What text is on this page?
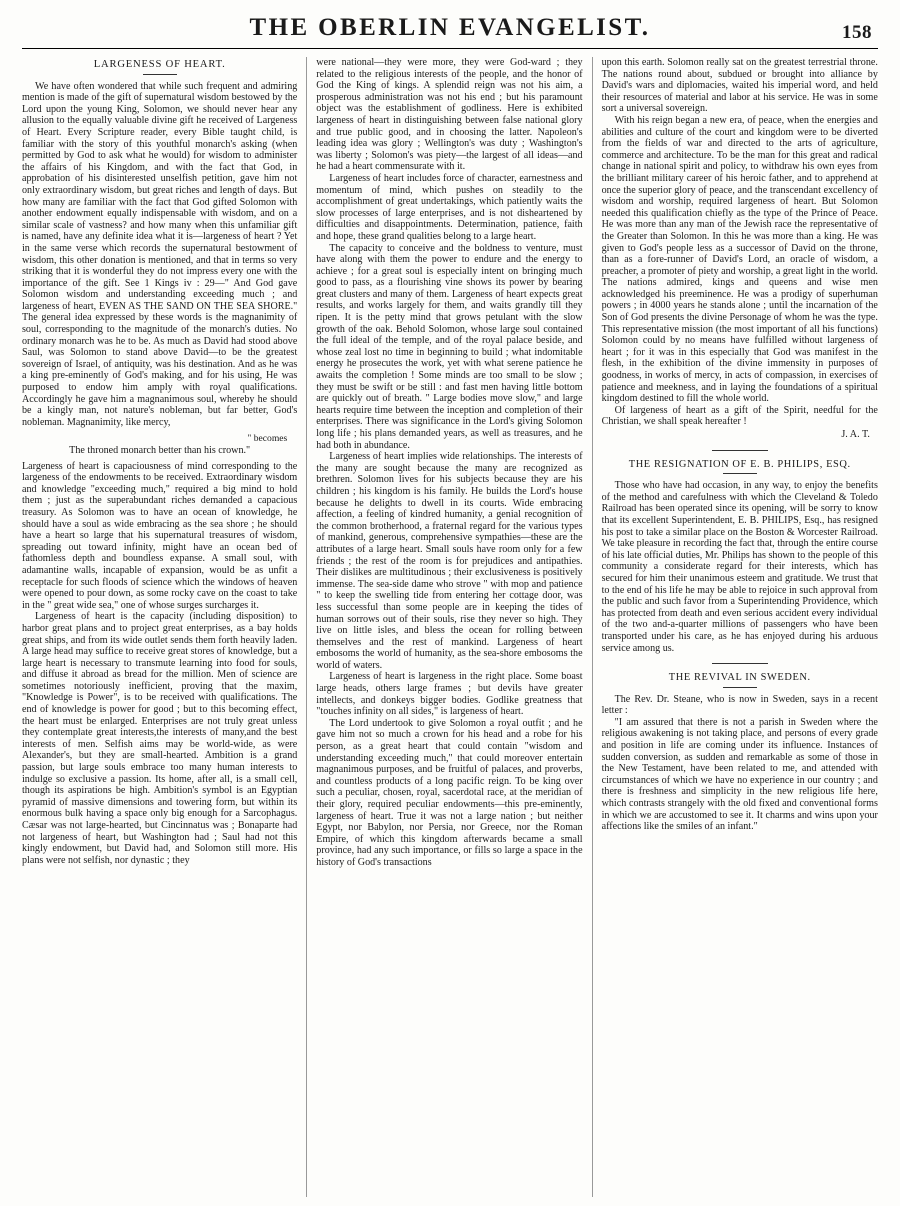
THE OBERLIN EVANGELIST.	158
LARGENESS OF HEART.

We have often wondered that while such frequent and admiring mention is made of the gift of supernatural wisdom bestowed by the Lord upon the young King, Solomon, we should never hear any allusion to the equally valuable divine gift he received of Largeness of Heart. Every Scripture reader, every Bible taught child, is familiar with the story of this youthful monarch's asking (when permitted by God to ask what he would) for wisdom to administer the affairs of his Kingdom, and with the fact that God, in approbation of his disinterested unselfish petition, gave him not only extraordinary wisdom, but great riches and length of days. But how many are familiar with the fact that God gifted Solomon with another endowment equally indispensable with wisdom, and on a similar scale of vastness? and how many when this unfamiliar gift is named, have any definite idea what it is—largeness of heart ? Yet in the same verse which records the supernatural bestowment of wisdom, this other donation is mentioned, and that in terms so very striking that it is wonderful they do not impress every one with the importance of the gift. See 1 Kings iv : 29—" And God gave Solomon wisdom and understanding exceeding much ; and largeness of heart, EVEN AS THE SAND ON THE SEA SHORE." The general idea expressed by these words is the magnanimity of soul, corresponding to the magnitude of the monarch's duties. No ordinary monarch was he to be. As much as David had stood above Saul, was Solomon to stand above David—to be the greatest sovereign of Israel, of antiquity, was his destination. And as he was a king pre-eminently of God's making, and for his using, He was purposed to endow him amply with royal qualifications. Accordingly he gave him a magnanimous soul, whereby he should be a kingly man, not nature's nobleman, but far better, God's nobleman. Magnanimity, like mercy,

" becomes
The throned monarch better than his crown."

Largeness of heart is capaciousness of mind corresponding to the largeness of the endowments to be received. Extraordinary wisdom and knowledge "exceeding much," required a big mind to hold them ; just as the superabundant riches demanded a capacious treasury. As Solomon was to have an ocean of knowledge, he should have a soul as wide embracing as the sea shore ; he should have a heart so large that his supernatural treasures of wisdom, spreading out toward infinity, might have an ocean bed of fathomless depth and boundless expanse. A small soul, with adamantine walls, incapable of expansion, would be as unfit a receptacle for such floods of science which the windows of heaven were opened to pour down, as some rocky cave on the coast to take in the " great wide sea," one of whose surges surcharges it.

Largeness of heart is the capacity (including disposition) to harbor great plans and to project great enterprises, as a bay holds great ships, and from its wide outlet sends them forth heavily laden. A large head may suffice to receive great stores of knowledge, but a large heart is necessary to transmute learning into food for souls, and diffuse it abroad as bread for the million. Men of science are sometimes notoriously inefficient, proving that the maxim, "Knowledge is Power", is to be received with qualifications. The end of knowledge is power for good ; but to this becoming effect, the heart must be enlarged. Enterprises are not truly great unless they contemplate great interests,the interests of many,and the best interests of men. Selfish aims may be world-wide, as were Alexander's, but they are small-hearted. Ambition is a grand passion, but large souls embrace too many human interests to indulge so exclusive a passion. Its home, after all, is a small cell, though its aspirations be high. Ambition's symbol is an Egyptian pyramid of massive dimensions and towering form, but within its enormous bulk having a space only big enough for a Sarcophagus. Cæsar was not large-hearted, but Cincinnatus was ; Bonaparte had not largeness of heart, but Washington had ; Saul had not this kingly endowment, but David had, and Solomon still more. His plans were not selfish, nor dynastic ; they

were national—they were more, they were God-ward ; they related to the religious interests of the people, and the honor of God the King of kings. A splendid reign was not his aim, a prosperous administration was not his end ; but his paramount object was the establishment of godliness. Here is exhibited largeness of heart in distinguishing between false national glory and true public good, and in choosing the latter. Napoleon's leading idea was glory ; Wellington's was duty ; Washington's was liberty ; Solomon's was piety—the largest of all ideas—and he had a heart commensurate with it.

Largeness of heart includes force of character, earnestness and momentum of mind, which pushes on steadily to the accomplishment of great undertakings, which patiently waits the slow processes of large enterprises, and is not disheartened by difficulties and disappointments. Determination, patience, faith and hope, these grand qualities belong to a large heart.

The capacity to conceive and the boldness to venture, must have along with them the power to endure and the energy to achieve ; for a great soul is especially intent on bringing much good to pass, as a flourishing vine shows its power by bearing great clusters and many of them. Largeness of heart expects great results, and works largely for them, and waits grandly till they ripen. It is the petty mind that grows petulant with the slow growth of the oak. Behold Solomon, whose large soul contained the full ideal of the temple, and of the royal palace beside, and whose zeal lost no time in beginning to build ; what indomitable energy he prosecutes the work, yet with what serene patience he awaits the completion ! Some minds are too small to be slow ; they must be swift or be still : and fast men having little bottom are quickly out of breath. " Large bodies move slow," and large hearts require time between the inception and completion of their enterprises. There was significance in the Lord's giving Solomon long life ; his plans demanded years, as well as treasures, and he had both in abundance.

Largeness of heart implies wide relationships. The interests of the many are sought because the many are recognized as brethren. Solomon lives for his subjects because they are his children ; his kingdom is his family. He builds the Lord's house because he delights to dwell in its courts. Wide embracing affection, a feeling of kindred humanity, a genial recognition of the common brotherhood, a fraternal regard for the various types of mankind, generous, comprehensive sympathies—these are the attributes of a large heart. Small souls have room only for a few friends ; the rest of the room is for prejudices and antipathies. Their dislikes are multitudinous ; their exclusiveness is positively immense. The sea-side dame who strove " with mop and patience " to keep the swelling tide from entering her cottage door, was less successful than some people are in keeping the tides of human sorrows out of their souls, rise they never so high. They live on little isles, and bless the ocean for rolling between themselves and the rest of mankind. Largeness of heart embosoms the world of humanity, as the sea-shore embosoms the world of waters.

Largeness of heart is largeness in the right place. Some boast large heads, others large frames ; but devils have greater intellects, and donkeys bigger bodies. Godlike greatness that "touches infinity on all sides," is largeness of heart.

The Lord undertook to give Solomon a royal outfit ; and he gave him not so much a crown for his head and a robe for his person, as a great heart that could contain "wisdom and understanding exceeding much," that could moreover entertain magnanimous purposes, and be fruitful of palaces, and proverbs, and countless products of a long pacific reign. To be king over such a peculiar, chosen, royal, sacerdotal race, at the meridian of their glory, required peculiar endowments—this pre-eminently, largeness of heart. True it was not a large nation ; but neither Egypt, nor Babylon, nor Persia, nor Greece, nor the Roman Empire, of which this kingdom afterwards became a small province, had any such importance, or fills so large a space in the history of God's transactions

upon this earth. Solomon really sat on the greatest terrestrial throne. The nations round about, subdued or brought into alliance by David's wars and diplomacies, waited his imperial word, and held their resources of material and labor at his service. He was in some sort a universal sovereign.

With his reign began a new era, of peace, when the energies and abilities and culture of the court and kingdom were to be diverted from the fields of war and directed to the arts of agriculture, commerce and architecture. To be the man for this great and radical change in national spirit and policy, to withdraw his own eyes from the brilliant military career of his heroic father, and to apprehend at once the superior glory of peace, and the transcendant excellency of wisdom and worship, required largeness of heart. But Solomon needed this qualification chiefly as the type of the Prince of Peace. He was more than any man of the Jewish race the representative of the Greater than Solomon. In this he was more than a king. He was given to God's people less as a successor of David on the throne, than as a fore-runner of David's Lord, an oracle of wisdom, a preacher, a promoter of piety and worship, a great light in the world. The nations admired, kings and queens and wise men acknowledged his preeminence. He was a prodigy of superhuman powers ; in 4000 years he stands alone ; until the incarnation of the Son of God presents the divine Personage of whom he was the type. This representative mission (the most important of all his functions) Solomon could by no means have fulfilled without largeness of heart ; for it was in this especially that God was manifest in the flesh, in the exhibition of the divine immensity in purposes of goodness, in works of mercy, in acts of compassion, in exercises of patience and meekness, and in laying the foundations of a spiritual kingdom destined to fill the whole world.

Of largeness of heart as a gift of the Spirit, needful for the Christian, we shall speak hereafter !

J. A. T.
THE RESIGNATION OF E. B. PHILIPS, ESQ.

Those who have had occasion, in any way, to enjoy the benefits of the method and carefulness with which the Cleveland & Toledo Railroad has been operated since its opening, will be sorry to know that its excellent Superintendent, E. B. PHILIPS, Esq., has resigned his post to take a similar place on the Boston & Worcester Railroad. We take pleasure in recording the fact that, through the entire course of his late official duties, Mr. Philips has shown to the people of this community a considerate regard for their interests, which has secured for him their unanimous esteem and gratitude. We trust that to the end of his life he may be able to rejoice in such approval from the public and such favor from a Superintending Providence, which has protected from death and even serious accident every individual of the two and-a-quarter millions of passengers who have been transported under his care, as he has enjoyed during his arduous service among us.

THE REVIVAL IN SWEDEN.

The Rev. Dr. Steane, who is now in Sweden, says in a recent letter :

"I am assured that there is not a parish in Sweden where the religious awakening is not taking place, and persons of every grade and position in life are coming under its influence. Instances of sudden conversion, as sudden and remarkable as some of those in the New Testament, have been related to me, and attended with circumstances of which we have no experience in our country ; and there is freshness and simplicity in the new religious life here, which contrasts strangely with the old fixed and conventional forms in which we are accustomed to see it. It charms and wins upon your affections like the smiles of an infant."
